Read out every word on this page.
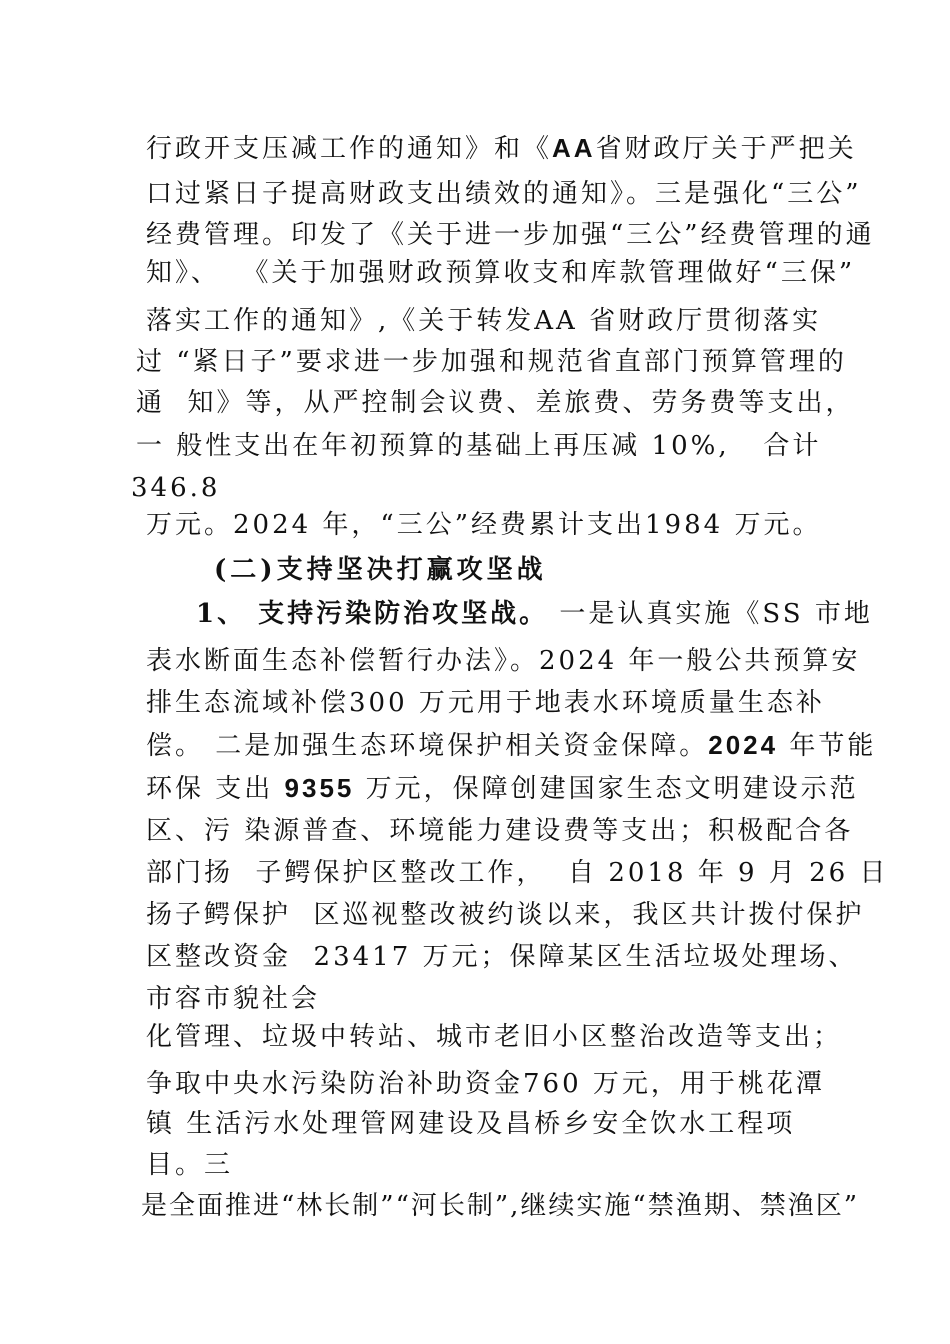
行政开支压减工作的通知》和《AA省财政厅关于严把关
口过紧日子提高财政支出绩效的通知》。三是强化“三公”
经费管理。印发了《关于进一步加强“三公”经费管理的通
知》、  《关于加强财政预算收支和库款管理做好“三保”
落实工作的通知》,《关于转发AA 省财政厅贯彻落实
过 “紧日子”要求进一步加强和规范省直部门预算管理的
通  知》等，从严控制会议费、差旅费、劳务费等支出，
一 般性支出在年初预算的基础上再压减 10%,   合计
346.8
万元。2024 年，“三公”经费累计支出1984 万元。
(二)支持坚决打赢攻坚战
1、 支持污染防治攻坚战。 一是认真实施《SS 市地
表水断面生态补偿暂行办法》。2024 年一般公共预算安
排生态流域补偿300 万元用于地表水环境质量生态补
偿。 二是加强生态环境保护相关资金保障。2024 年节能
环保 支出 9355 万元，保障创建国家生态文明建设示范
区、污 染源普查、环境能力建设费等支出；积极配合各
部门扬  子鳄保护区整改工作，  自 2018 年 9 月 26 日
扬子鳄保护  区巡视整改被约谈以来，我区共计拨付保护
区整改资金  23417 万元；保障某区生活垃圾处理场、
市容市貌社会
化管理、垃圾中转站、城市老旧小区整治改造等支出；
争取中央水污染防治补助资金760 万元，用于桃花潭
镇 生活污水处理管网建设及昌桥乡安全饮水工程项
目。三
是全面推进“林长制”“河长制”,继续实施“禁渔期、禁渔区”
